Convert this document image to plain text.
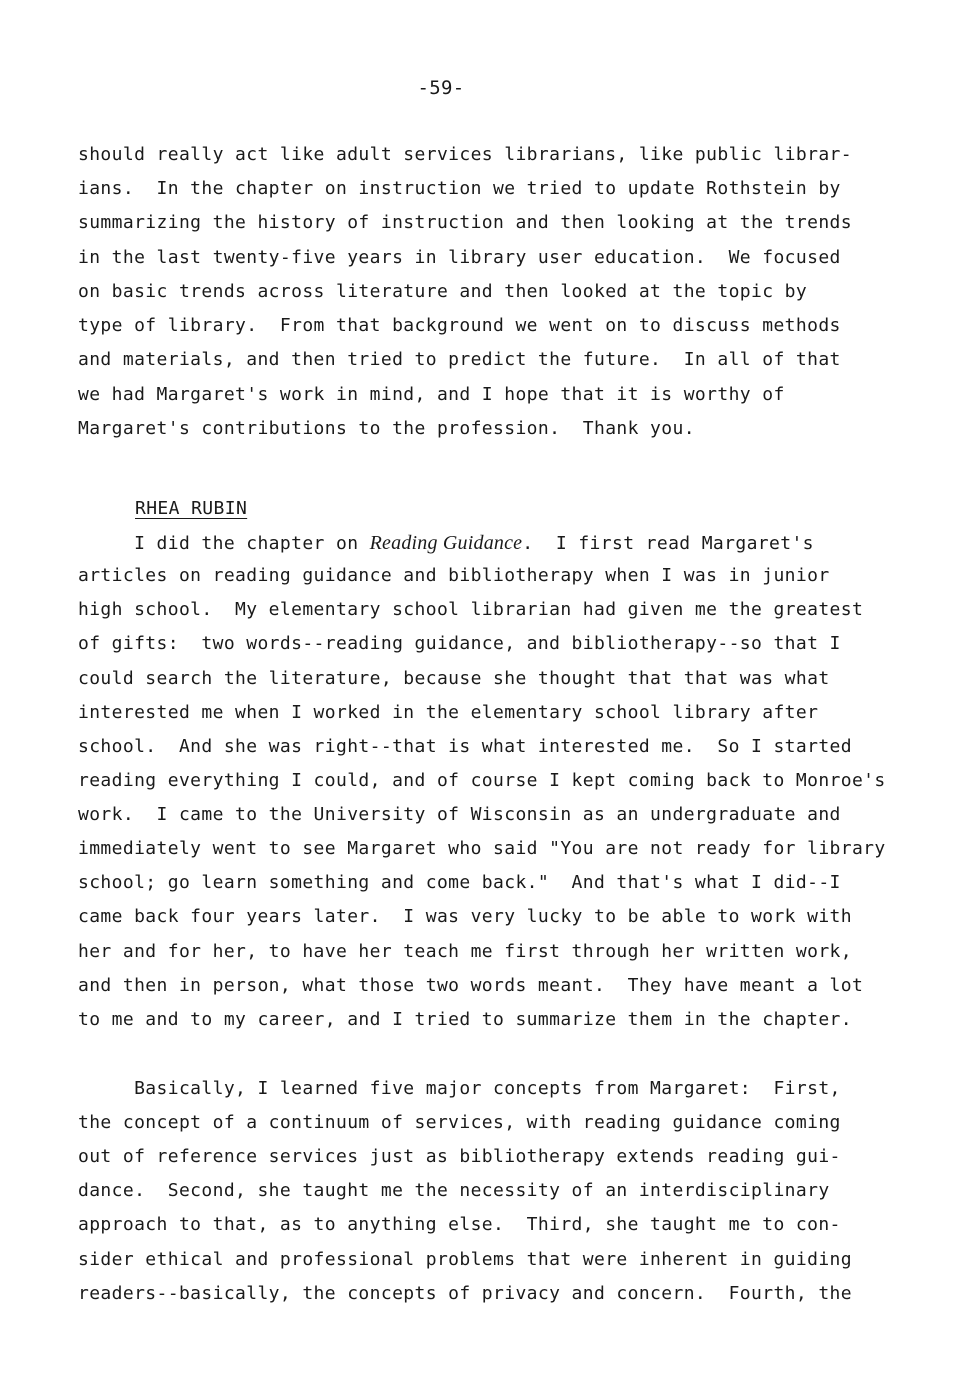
-59-
should really act like adult services librarians, like public librar-
ians.  In the chapter on instruction we tried to update Rothstein by
summarizing the history of instruction and then looking at the trends
in the last twenty-five years in library user education.  We focused
on basic trends across literature and then looked at the topic by
type of library.  From that background we went on to discuss methods
and materials, and then tried to predict the future.  In all of that
we had Margaret's work in mind, and I hope that it is worthy of
Margaret's contributions to the profession.  Thank you.
RHEA RUBIN
I did the chapter on Reading Guidance.  I first read Margaret's
articles on reading guidance and bibliotherapy when I was in junior
high school.  My elementary school librarian had given me the greatest
of gifts:  two words--reading guidance, and bibliotherapy--so that I
could search the literature, because she thought that that was what
interested me when I worked in the elementary school library after
school.  And she was right--that is what interested me.  So I started
reading everything I could, and of course I kept coming back to Monroe's
work.  I came to the University of Wisconsin as an undergraduate and
immediately went to see Margaret who said "You are not ready for library
school; go learn something and come back."  And that's what I did--I
came back four years later.  I was very lucky to be able to work with
her and for her, to have her teach me first through her written work,
and then in person, what those two words meant.  They have meant a lot
to me and to my career, and I tried to summarize them in the chapter.
Basically, I learned five major concepts from Margaret:  First,
the concept of a continuum of services, with reading guidance coming
out of reference services just as bibliotherapy extends reading gui-
dance.  Second, she taught me the necessity of an interdisciplinary
approach to that, as to anything else.  Third, she taught me to con-
sider ethical and professional problems that were inherent in guiding
readers--basically, the concepts of privacy and concern.  Fourth, the
